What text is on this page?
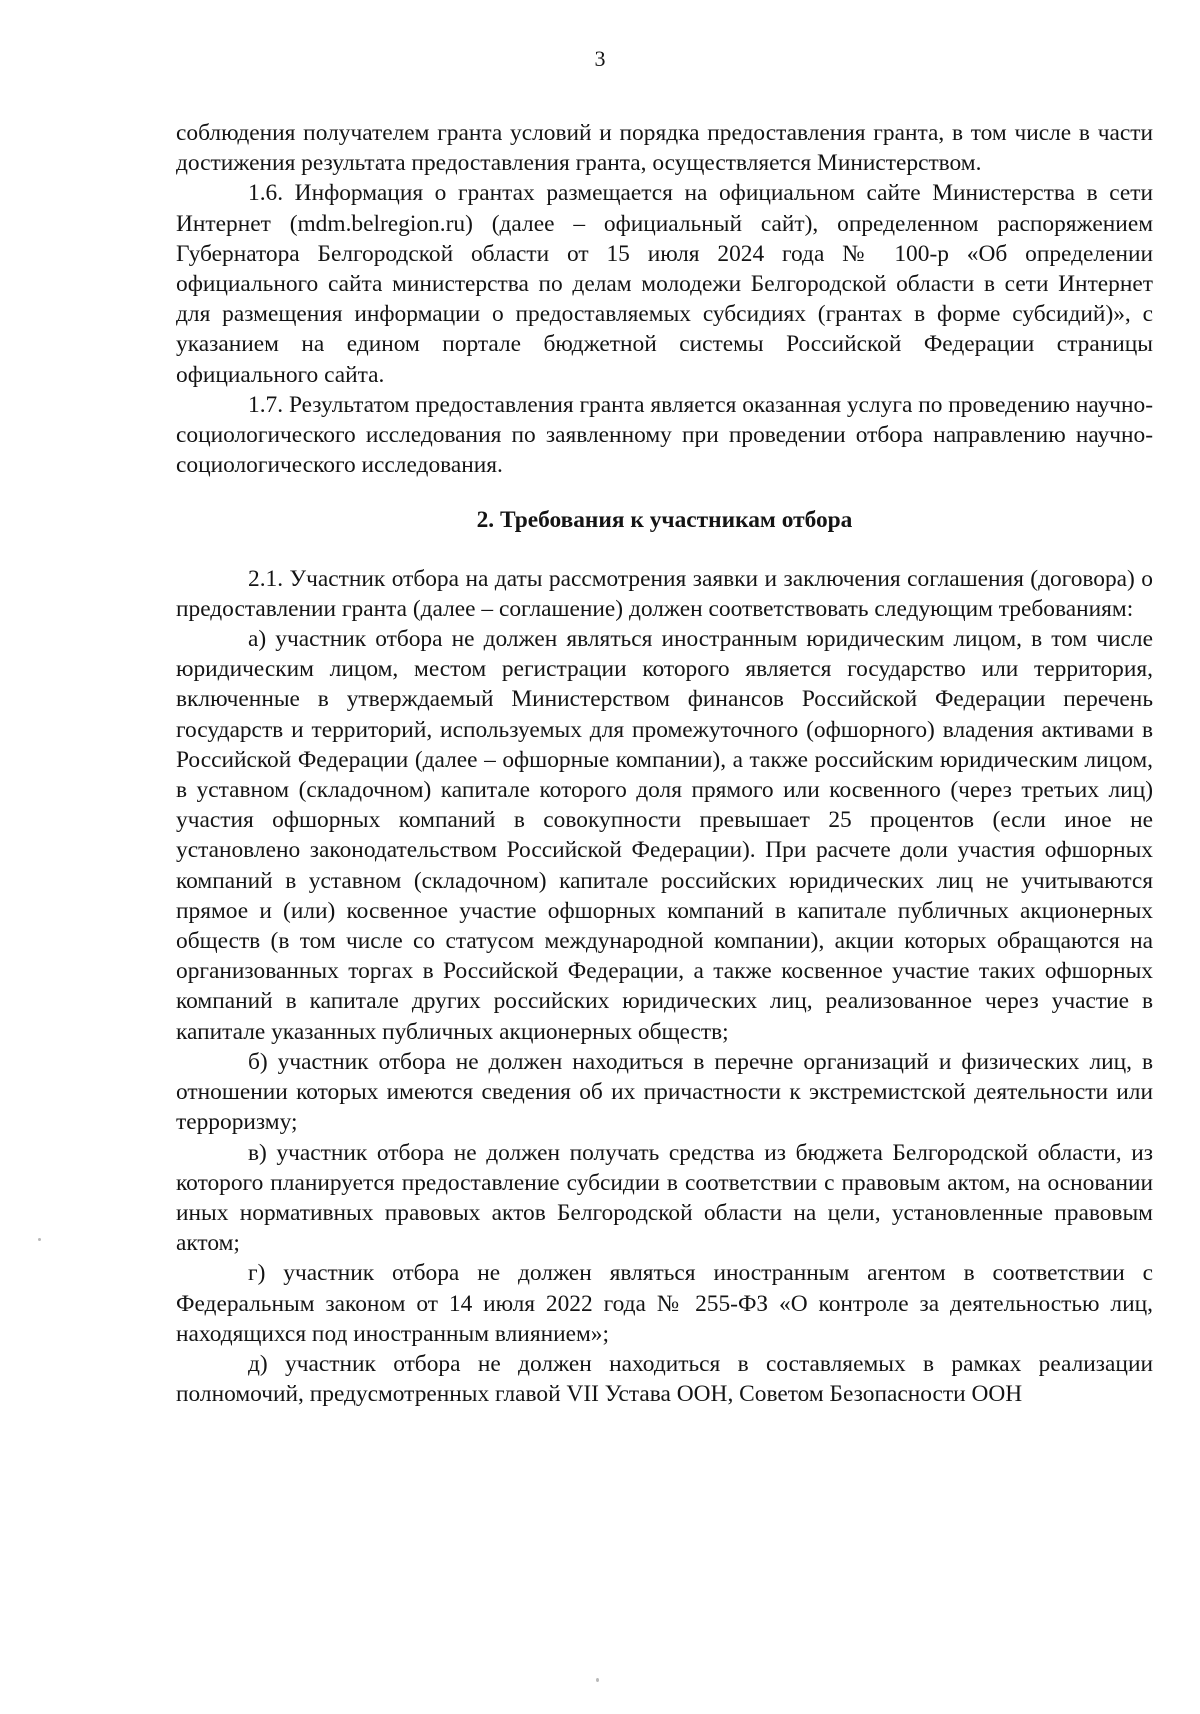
3

соблюдения получателем гранта условий и порядка предоставления гранта, в том числе в части достижения результата предоставления гранта, осуществляется Министерством.

1.6. Информация о грантах размещается на официальном сайте Министерства в сети Интернет (mdm.belregion.ru) (далее – официальный сайт), определенном распоряжением Губернатора Белгородской области от 15 июля 2024 года № 100-р «Об определении официального сайта министерства по делам молодежи Белгородской области в сети Интернет для размещения информации о предоставляемых субсидиях (грантах в форме субсидий)», с указанием на едином портале бюджетной системы Российской Федерации страницы официального сайта.

1.7. Результатом предоставления гранта является оказанная услуга по проведению научно-социологического исследования по заявленному при проведении отбора направлению научно-социологического исследования.

2. Требования к участникам отбора

2.1. Участник отбора на даты рассмотрения заявки и заключения соглашения (договора) о предоставлении гранта (далее – соглашение) должен соответствовать следующим требованиям:

а) участник отбора не должен являться иностранным юридическим лицом, в том числе юридическим лицом, местом регистрации которого является государство или территория, включенные в утверждаемый Министерством финансов Российской Федерации перечень государств и территорий, используемых для промежуточного (офшорного) владения активами в Российской Федерации (далее – офшорные компании), а также российским юридическим лицом, в уставном (складочном) капитале которого доля прямого или косвенного (через третьих лиц) участия офшорных компаний в совокупности превышает 25 процентов (если иное не установлено законодательством Российской Федерации). При расчете доли участия офшорных компаний в уставном (складочном) капитале российских юридических лиц не учитываются прямое и (или) косвенное участие офшорных компаний в капитале публичных акционерных обществ (в том числе со статусом международной компании), акции которых обращаются на организованных торгах в Российской Федерации, а также косвенное участие таких офшорных компаний в капитале других российских юридических лиц, реализованное через участие в капитале указанных публичных акционерных обществ;

б) участник отбора не должен находиться в перечне организаций и физических лиц, в отношении которых имеются сведения об их причастности к экстремистской деятельности или терроризму;

в) участник отбора не должен получать средства из бюджета Белгородской области, из которого планируется предоставление субсидии в соответствии с правовым актом, на основании иных нормативных правовых актов Белгородской области на цели, установленные правовым актом;

г) участник отбора не должен являться иностранным агентом в соответствии с Федеральным законом от 14 июля 2022 года № 255-ФЗ «О контроле за деятельностью лиц, находящихся под иностранным влиянием»;

д) участник отбора не должен находиться в составляемых в рамках реализации полномочий, предусмотренных главой VII Устава ООН, Советом Безопасности ООН
